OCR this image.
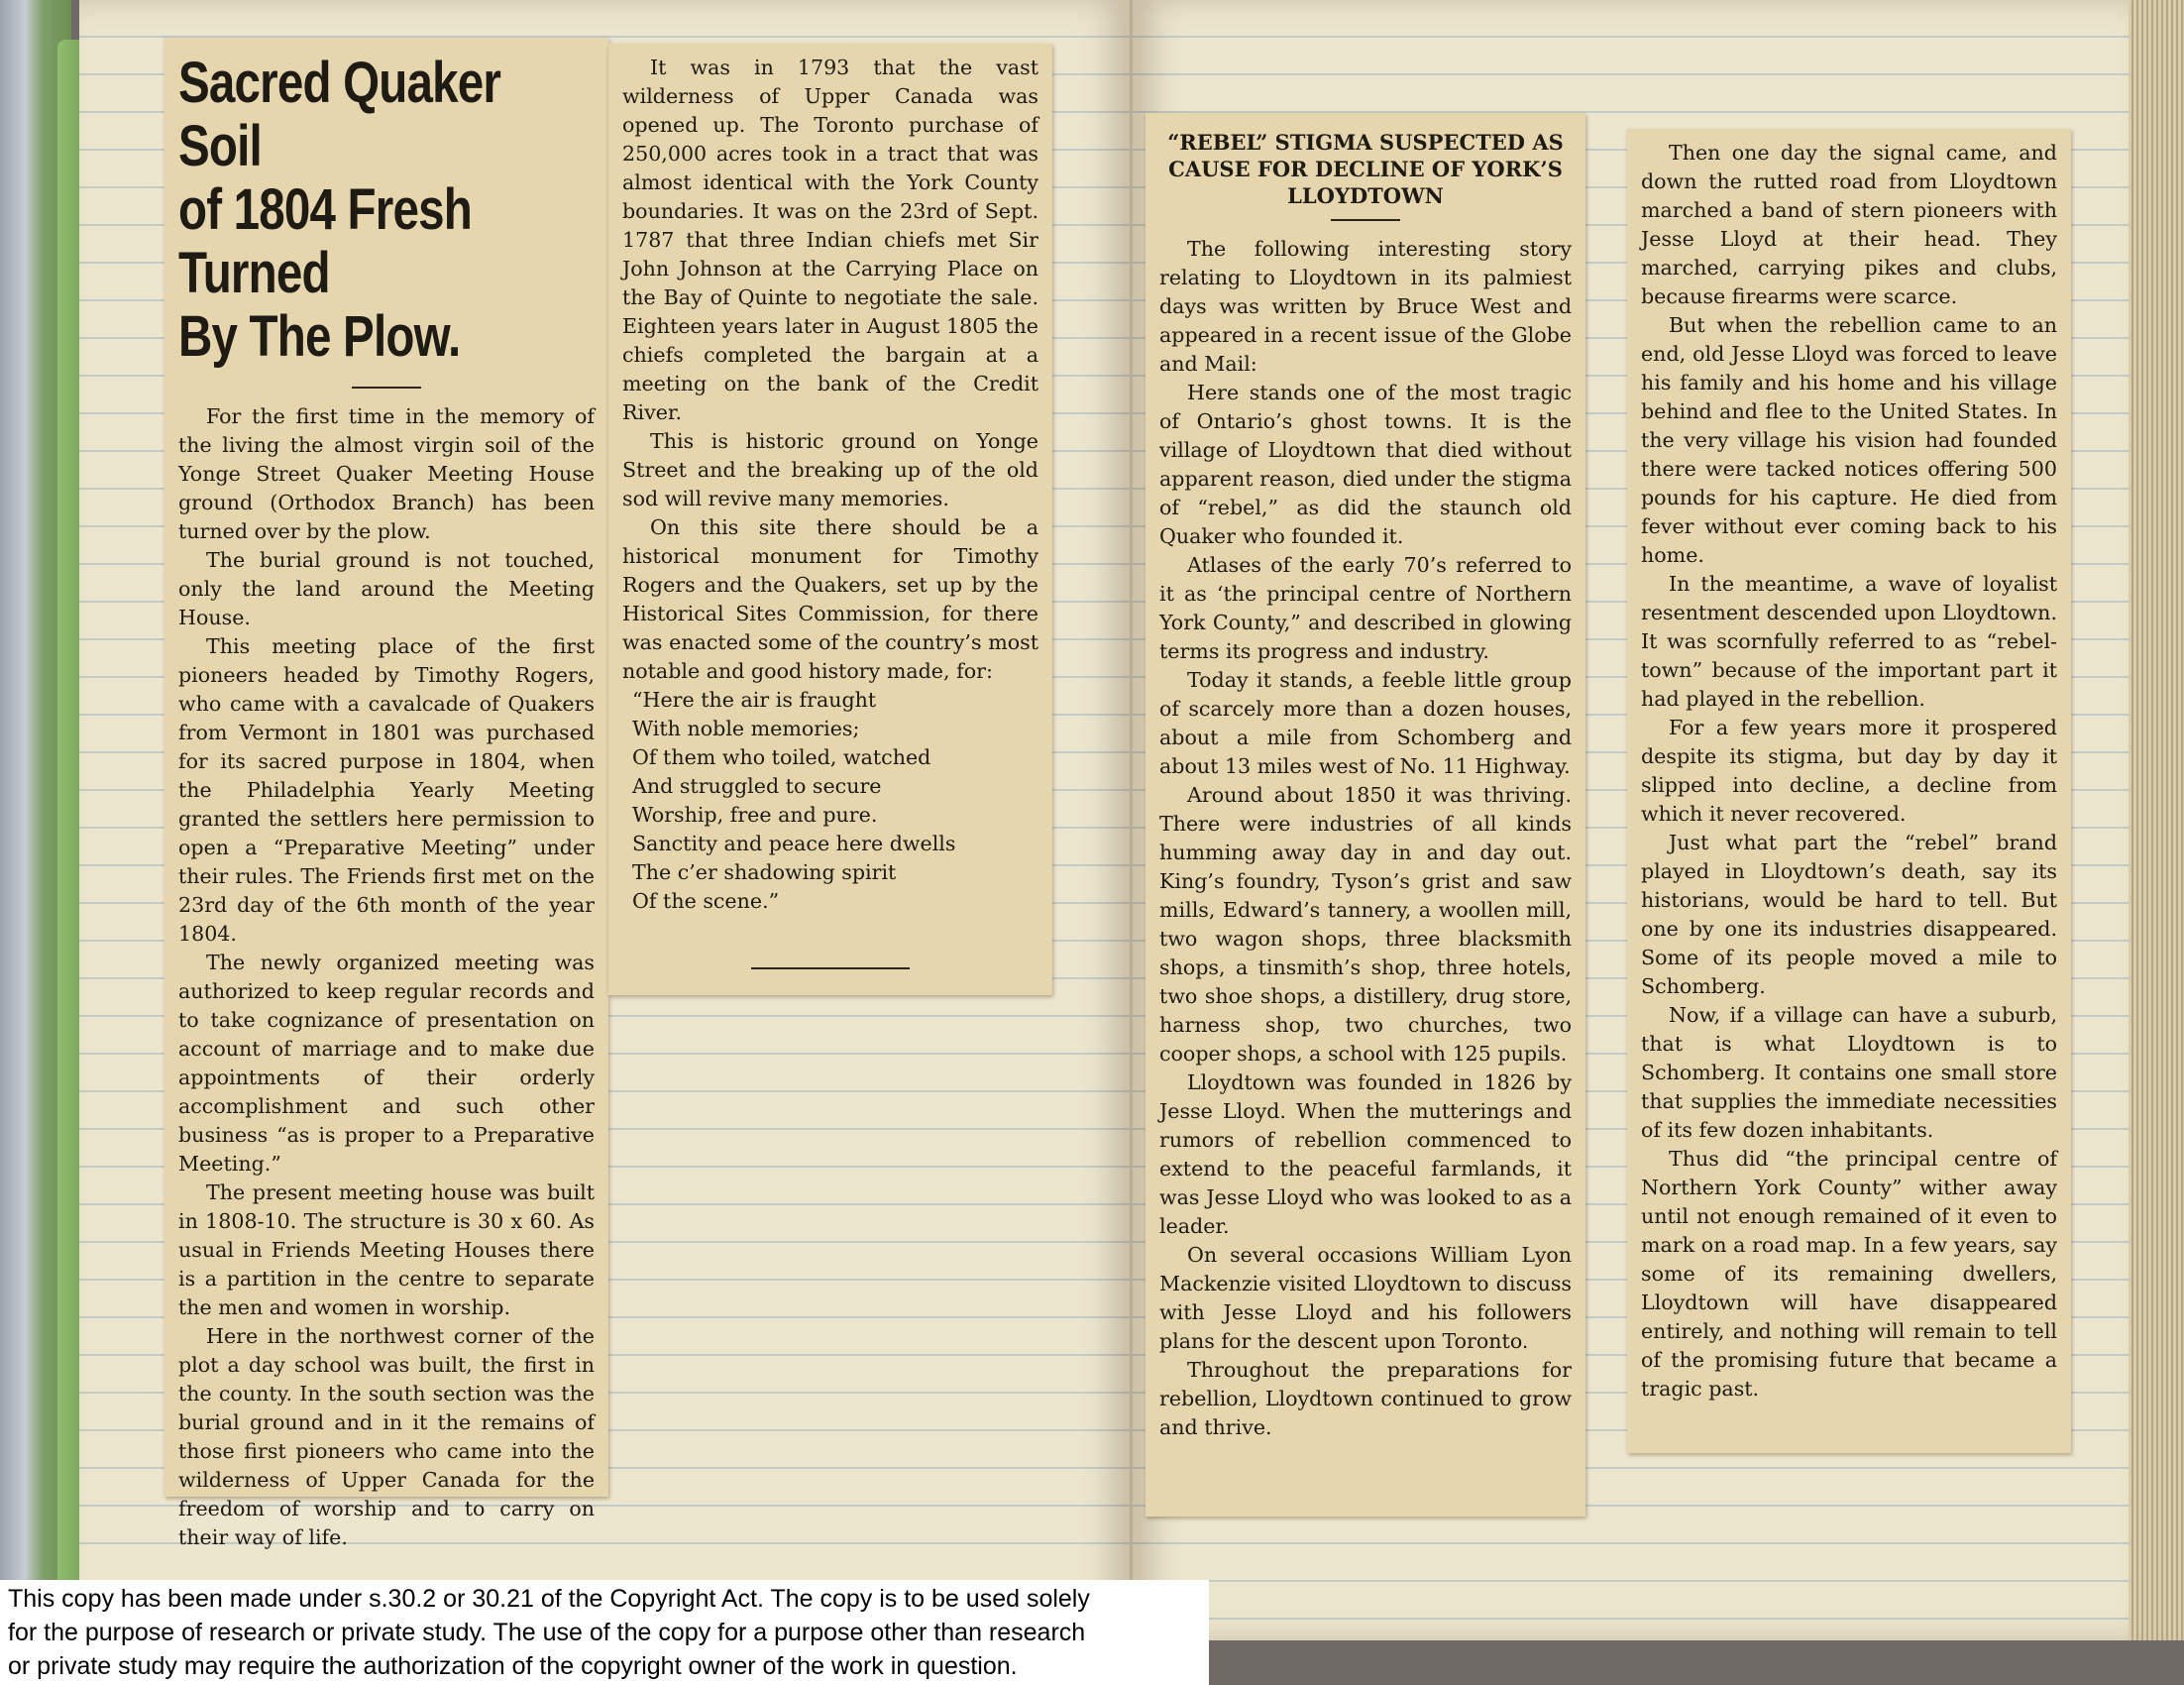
Sacred Quaker Soil
of 1804 Fresh Turned
By The Plow.

For the first time in the memory of the living the almost virgin soil of the Yonge Street Quaker Meeting House ground (Orthodox Branch) has been turned over by the plow.

The burial ground is not touched, only the land around the Meeting House.

This meeting place of the first pioneers headed by Timothy Rogers, who came with a cavalcade of Quakers from Vermont in 1801 was purchased for its sacred purpose in 1804, when the Philadelphia Yearly Meeting granted the settlers here permission to open a “Preparative Meeting” under their rules. The Friends first met on the 23rd day of the 6th month of the year 1804.

The newly organized meeting was authorized to keep regular records and to take cognizance of presentation on account of marriage and to make due appointments of their orderly accomplishment and such other business “as is proper to a Preparative Meeting.”

The present meeting house was built in 1808-10. The structure is 30 x 60. As usual in Friends Meeting Houses there is a partition in the centre to separate the men and women in worship.

Here in the northwest corner of the plot a day school was built, the first in the county. In the south section was the burial ground and in it the remains of those first pioneers who came into the wilderness of Upper Canada for the freedom of worship and to carry on their way of life.

It was in 1793 that the vast wilderness of Upper Canada was opened up. The Toronto purchase of 250,000 acres took in a tract that was almost identical with the York County boundaries. It was on the 23rd of Sept. 1787 that three Indian chiefs met Sir John Johnson at the Carrying Place on the Bay of Quinte to negotiate the sale. Eighteen years later in August 1805 the chiefs completed the bargain at a meeting on the bank of the Credit River.

This is historic ground on Yonge Street and the breaking up of the old sod will revive many memories.

On this site there should be a historical monument for Timothy Rogers and the Quakers, set up by the Historical Sites Commission, for there was enacted some of the country’s most notable and good history made, for:

“Here the air is fraught
With noble memories;
Of them who toiled, watched
And struggled to secure
Worship, free and pure.
Sanctity and peace here dwells
The c’er shadowing spirit
Of the scene.”
“REBEL” STIGMA SUSPECTED AS CAUSE FOR DECLINE OF YORK’S LLOYDTOWN

The following interesting story relating to Lloydtown in its palmiest days was written by Bruce West and appeared in a recent issue of the Globe and Mail:

Here stands one of the most tragic of Ontario’s ghost towns. It is the village of Lloydtown that died without apparent reason, died under the stigma of “rebel,” as did the staunch old Quaker who founded it.

Atlases of the early 70’s referred to it as ‘the principal centre of Northern York County,” and described in glowing terms its progress and industry.

Today it stands, a feeble little group of scarcely more than a dozen houses, about a mile from Schomberg and about 13 miles west of No. 11 Highway.

Around about 1850 it was thriving. There were industries of all kinds humming away day in and day out. King’s foundry, Tyson’s grist and saw mills, Edward’s tannery, a woollen mill, two wagon shops, three blacksmith shops, a tinsmith’s shop, three hotels, two shoe shops, a distillery, drug store, harness shop, two churches, two cooper shops, a school with 125 pupils.

Lloydtown was founded in 1826 by Jesse Lloyd. When the mutterings and rumors of rebellion commenced to extend to the peaceful farmlands, it was Jesse Lloyd who was looked to as a leader.

On several occasions William Lyon Mackenzie visited Lloydtown to discuss with Jesse Lloyd and his followers plans for the descent upon Toronto.

Throughout the preparations for rebellion, Lloydtown continued to grow and thrive.

Then one day the signal came, and down the rutted road from Lloydtown marched a band of stern pioneers with Jesse Lloyd at their head. They marched, carrying pikes and clubs, because firearms were scarce.

But when the rebellion came to an end, old Jesse Lloyd was forced to leave his family and his home and his village behind and flee to the United States. In the very village his vision had founded there were tacked notices offering 500 pounds for his capture. He died from fever without ever coming back to his home.

In the meantime, a wave of loyalist resentment descended upon Lloydtown. It was scornfully referred to as “rebel-town” because of the important part it had played in the rebellion.

For a few years more it prospered despite its stigma, but day by day it slipped into decline, a decline from which it never recovered.

Just what part the “rebel” brand played in Lloydtown’s death, say its historians, would be hard to tell. But one by one its industries disappeared. Some of its people moved a mile to Schomberg.

Now, if a village can have a suburb, that is what Lloydtown is to Schomberg. It contains one small store that supplies the immediate necessities of its few dozen inhabitants.

Thus did “the principal centre of Northern York County” wither away until not enough remained of it even to mark on a road map. In a few years, say some of its remaining dwellers, Lloydtown will have disappeared entirely, and nothing will remain to tell of the promising future that became a tragic past.

This copy has been made under s.30.2 or 30.21 of the Copyright Act. The copy is to be used solely
for the purpose of research or private study. The use of the copy for a purpose other than research
or private study may require the authorization of the copyright owner of the work in question.
